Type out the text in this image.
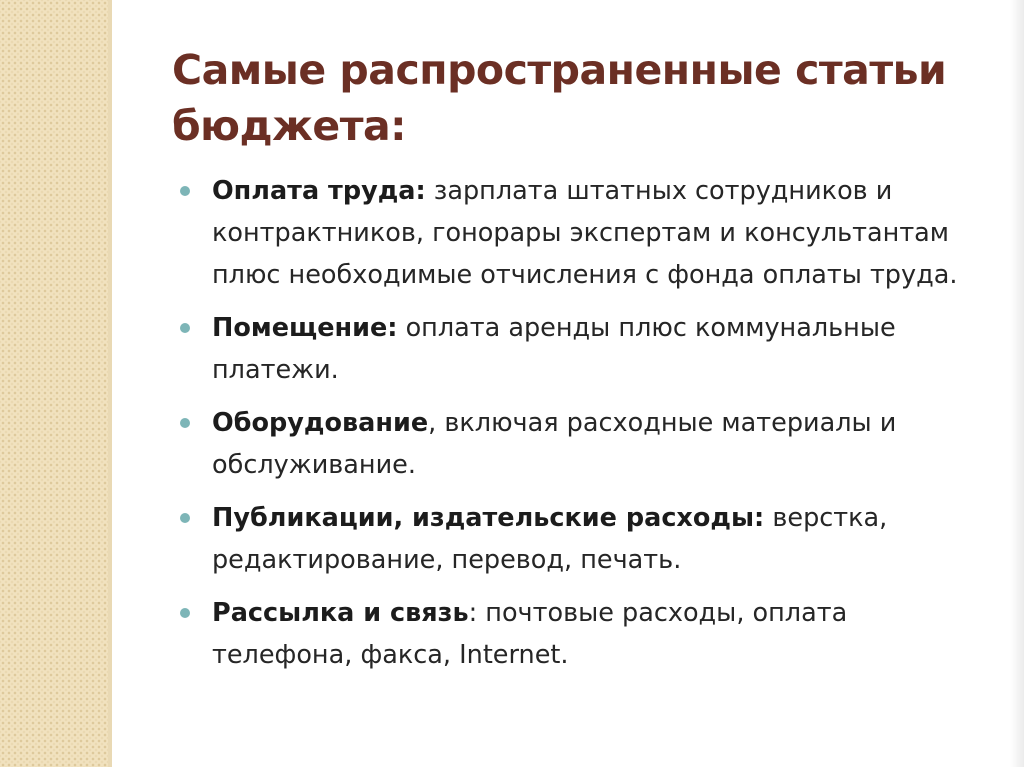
Самые распространенные статьи бюджета:
Оплата труда: зарплата штатных сотрудников и контрактников, гонорары экспертам и консультантам плюс необходимые отчисления с фонда оплаты труда.
Помещение: оплата аренды плюс коммунальные платежи.
Оборудование, включая расходные материалы и обслуживание.
Публикации, издательские расходы: верстка, редактирование, перевод, печать.
Рассылка и связь: почтовые расходы, оплата телефона, факса, Internet.
